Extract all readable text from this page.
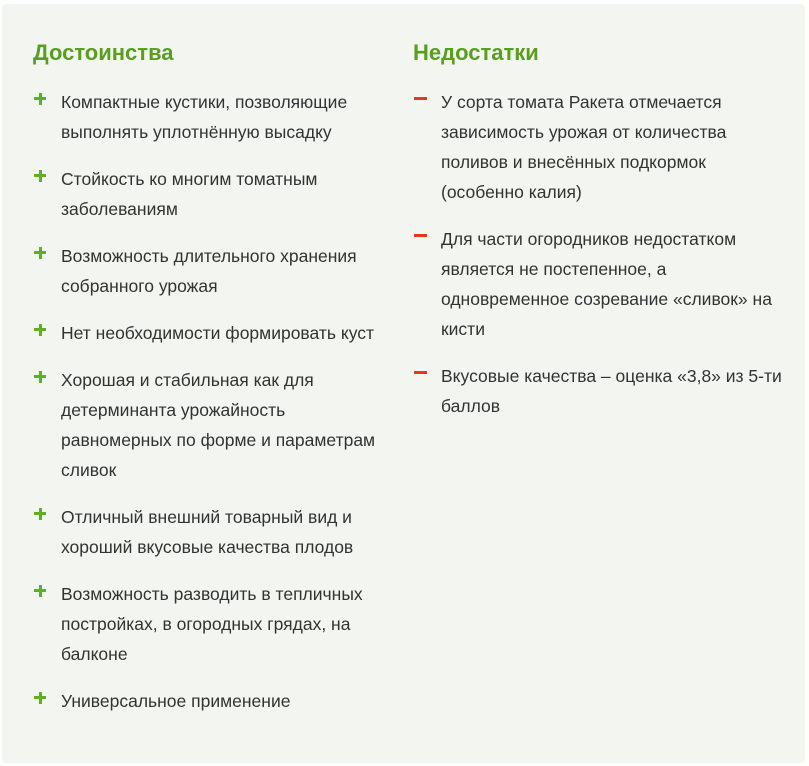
Достоинства
Компактные кустики, позволяющие выполнять уплотнённую высадку
Стойкость ко многим томатным заболеваниям
Возможность длительного хранения собранного урожая
Нет необходимости формировать куст
Хорошая и стабильная как для детерминанта урожайность равномерных по форме и параметрам сливок
Отличный внешний товарный вид и хороший вкусовые качества плодов
Возможность разводить в тепличных постройках, в огородных грядах, на балконе
Универсальное применение
Недостатки
У сорта томата Ракета отмечается зависимость урожая от количества поливов и внесённых подкормок (особенно калия)
Для части огородников недостатком является не постепенное, а одновременное созревание «сливок» на кисти
Вкусовые качества – оценка «3,8» из 5-ти баллов
